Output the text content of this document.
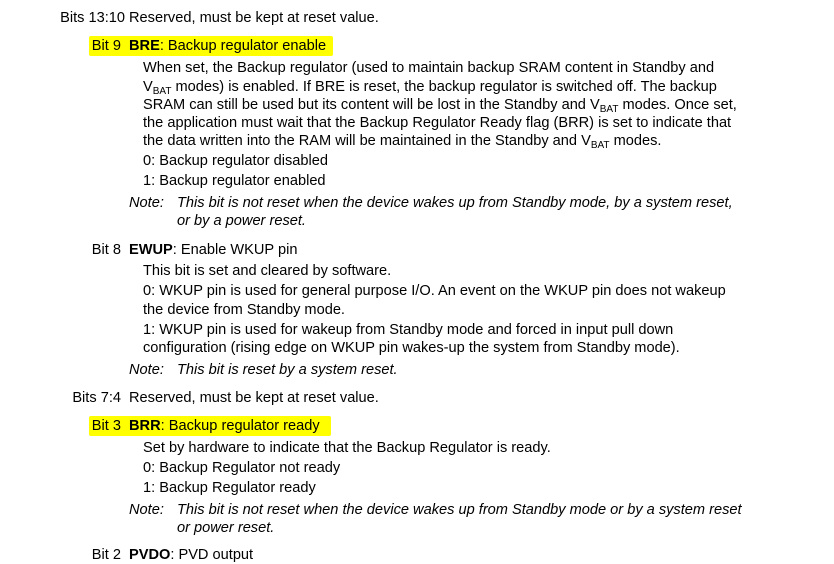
Bits 13:10 Reserved, must be kept at reset value.
Bit 9 BRE: Backup regulator enable
When set, the Backup regulator (used to maintain backup SRAM content in Standby and
$V_{BAT}$ modes) is enabled. If BRE is reset, the backup regulator is switched off. The backup
SRAM can still be used but its content will be lost in the Standby and $V_{BAT}$ modes. Once set,
the application must wait that the Backup Regulator Ready flag (BRR) is set to indicate that
the data written into the RAM will be maintained in the Standby and $V_{BAT}$ modes.
0: Backup regulator disabled
1: Backup regulator enabled
Note: This bit is not reset when the device wakes up from Standby mode, by a system reset,
or by a power reset.
Bit 8 EWUP: Enable WKUP pin
This bit is set and cleared by software.
0: WKUP pin is used for general purpose I/O. An event on the WKUP pin does not wakeup
the device from Standby mode.
1: WKUP pin is used for wakeup from Standby mode and forced in input pull down
configuration (rising edge on WKUP pin wakes-up the system from Standby mode).
Note: This bit is reset by a system reset.
Bits 7:4 Reserved, must be kept at reset value.
Bit 3 BRR: Backup regulator ready
Set by hardware to indicate that the Backup Regulator is ready.
0: Backup Regulator not ready
1: Backup Regulator ready
Note: This bit is not reset when the device wakes up from Standby mode or by a system reset
or power reset.
Bit 2 PVDO: PVD output
